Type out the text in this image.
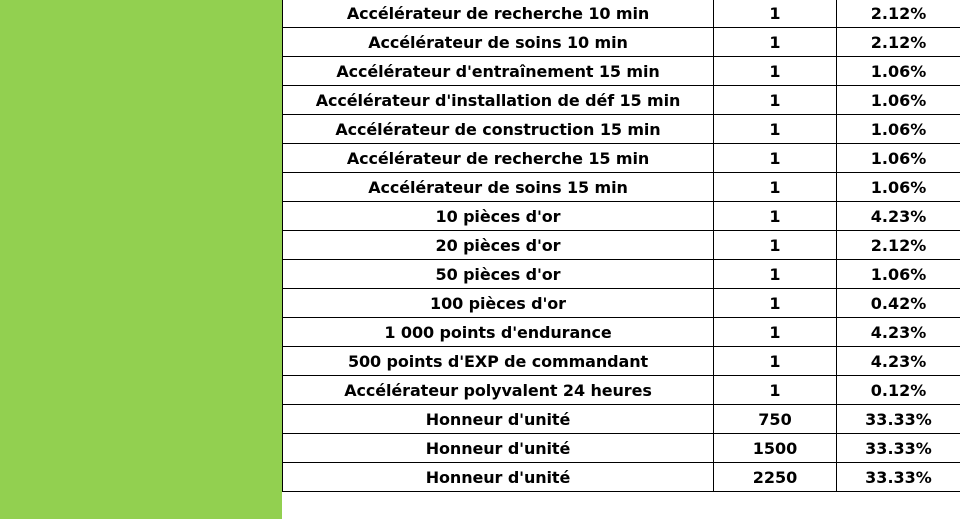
Accélérateur de recherche 10 min	1	2.12%
Accélérateur de soins 10 min	1	2.12%
Accélérateur d'entraînement 15 min	1	1.06%
Accélérateur d'installation de déf 15 min	1	1.06%
Accélérateur de construction 15 min	1	1.06%
Accélérateur de recherche 15 min	1	1.06%
Accélérateur de soins 15 min	1	1.06%
10 pièces d'or	1	4.23%
20 pièces d'or	1	2.12%
50 pièces d'or	1	1.06%
100 pièces d'or	1	0.42%
1 000 points d'endurance	1	4.23%
500 points d'EXP de commandant	1	4.23%
Accélérateur polyvalent 24 heures	1	0.12%
Honneur d'unité	750	33.33%
Honneur d'unité	1500	33.33%
Honneur d'unité	2250	33.33%
